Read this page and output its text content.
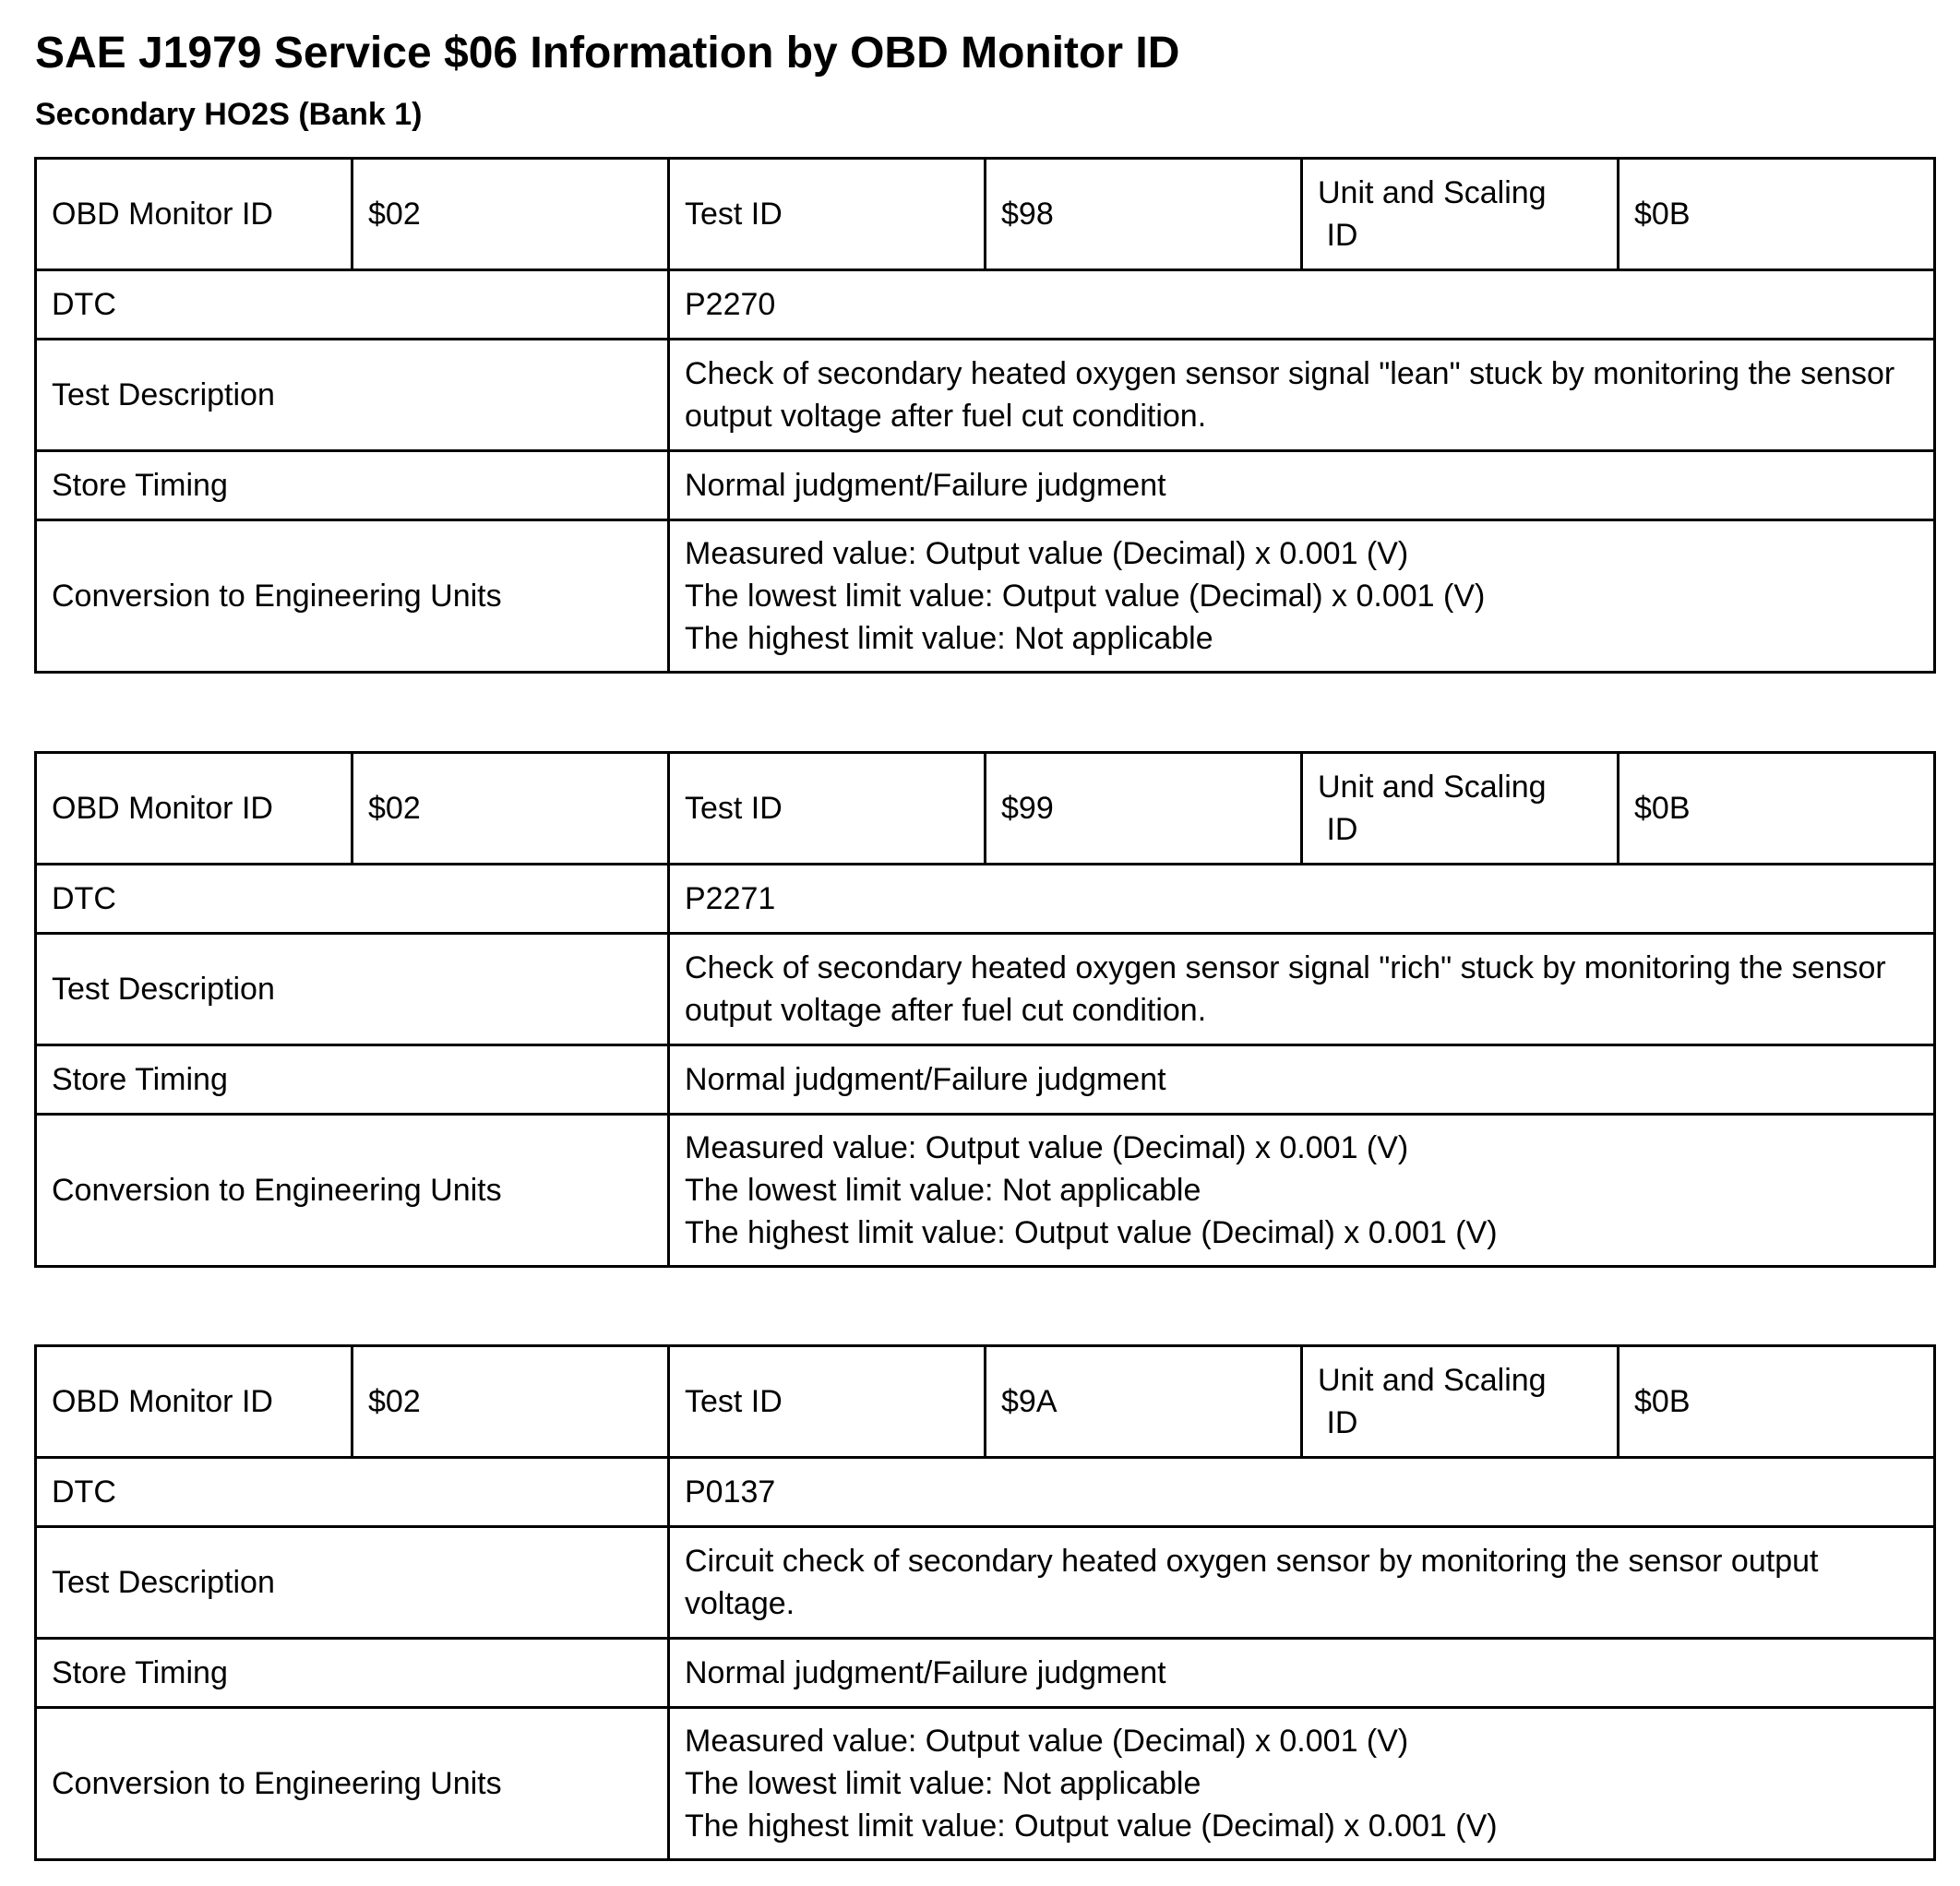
SAE J1979 Service $06 Information by OBD Monitor ID
Secondary HO2S (Bank 1)
OBD Monitor ID	$02	Test ID	$98	Unit and Scaling
ID	$0B
DTC		P2270			
Test Description		Check of secondary heated oxygen sensor signal "lean" stuck by monitoring the sensor output voltage after fuel cut condition.			
Store Timing		Normal judgment/Failure judgment			
Conversion to Engineering Units		Measured value: Output value (Decimal) x 0.001 (V)
The lowest limit value: Output value (Decimal) x 0.001 (V)
The highest limit value: Not applicable			
OBD Monitor ID	$02	Test ID	$99	Unit and Scaling
ID	$0B
DTC		P2271			
Test Description		Check of secondary heated oxygen sensor signal "rich" stuck by monitoring the sensor output voltage after fuel cut condition.			
Store Timing		Normal judgment/Failure judgment			
Conversion to Engineering Units		Measured value: Output value (Decimal) x 0.001 (V)
The lowest limit value: Not applicable
The highest limit value: Output value (Decimal) x 0.001 (V)			
OBD Monitor ID	$02	Test ID	$9A	Unit and Scaling
ID	$0B
DTC		P0137			
Test Description		Circuit check of secondary heated oxygen sensor by monitoring the sensor output voltage.			
Store Timing		Normal judgment/Failure judgment			
Conversion to Engineering Units		Measured value: Output value (Decimal) x 0.001 (V)
The lowest limit value: Not applicable
The highest limit value: Output value (Decimal) x 0.001 (V)			
